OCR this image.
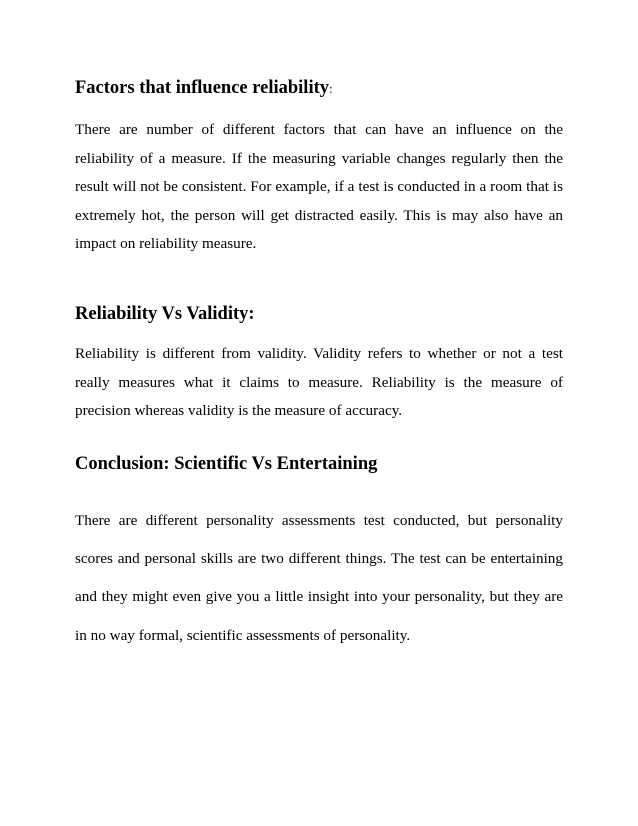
Factors that influence reliability:
There are number of different factors that can have an influence on the reliability of a measure. If the measuring variable changes regularly then the result will not be consistent. For example, if a test is conducted in a room that is extremely hot, the person will get distracted easily. This is may also have an impact on reliability measure.
Reliability Vs Validity:
Reliability is different from validity. Validity refers to whether or not a test really measures what it claims to measure. Reliability is the measure of precision whereas validity is the measure of accuracy.
Conclusion: Scientific Vs Entertaining
There are different personality assessments test conducted, but personality scores and personal skills are two different things. The test can be entertaining and they might even give you a little insight into your personality, but they are in no way formal, scientific assessments of personality.
